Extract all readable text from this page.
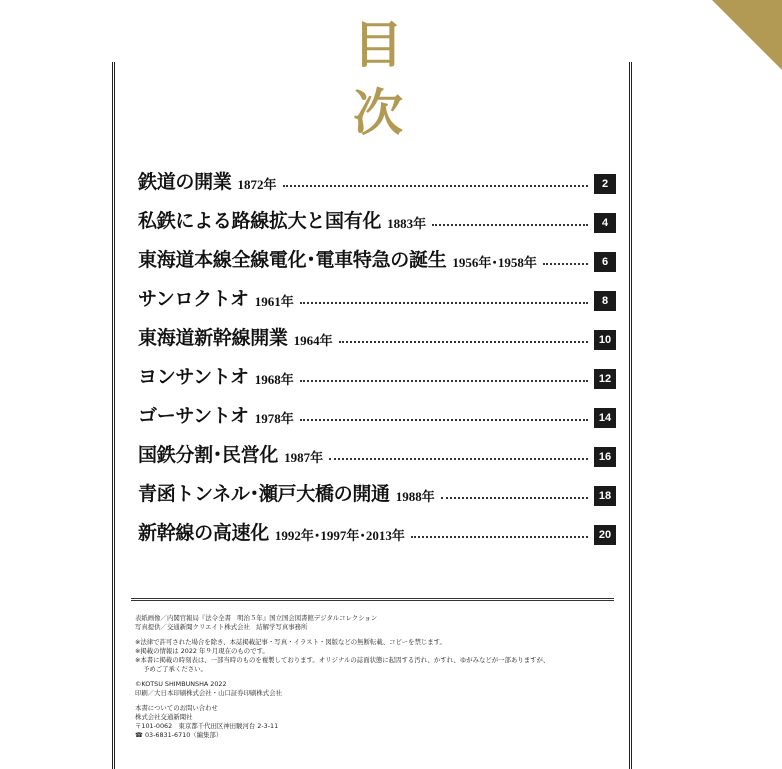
目
次
鉄道の開業 1872年	2
私鉄による路線拡大と国有化 1883年	4
東海道本線全線電化･電車特急の誕生 1956年･1958年	6
サンロクトオ 1961年	8
東海道新幹線開業 1964年	10
ヨンサントオ 1968年	12
ゴーサントオ 1978年	14
国鉄分割･民営化 1987年	16
青函トンネル･瀬戸大橋の開通 1988年	18
新幹線の高速化 1992年･1997年･2013年	20
表紙画像／内閣官報局『法令全書　明治５年』国立国会図書館デジタルコレクション
写真提供／交通新聞クリエイト株式会社　結解学写真事務所
※法律で許可された場合を除き、本誌掲載記事・写真・イラスト・図版などの無断転載、コピーを禁じます。
※掲載の情報は 2022 年９月現在のものです。
※本書に掲載の時刻表は、一部当時のものを複製しております。オリジナルの誌面状態に起因する汚れ、かすれ、ゆがみなどが一部ありますが、
予めご了承ください。
©KOTSU SHIMBUNSHA 2022
印刷／大日本印刷株式会社・山口証券印刷株式会社
本書についてのお問い合わせ
株式会社交通新聞社
〒101-0062　東京都千代田区神田駿河台 2-3-11
☎ 03-6831-6710（編集部）
